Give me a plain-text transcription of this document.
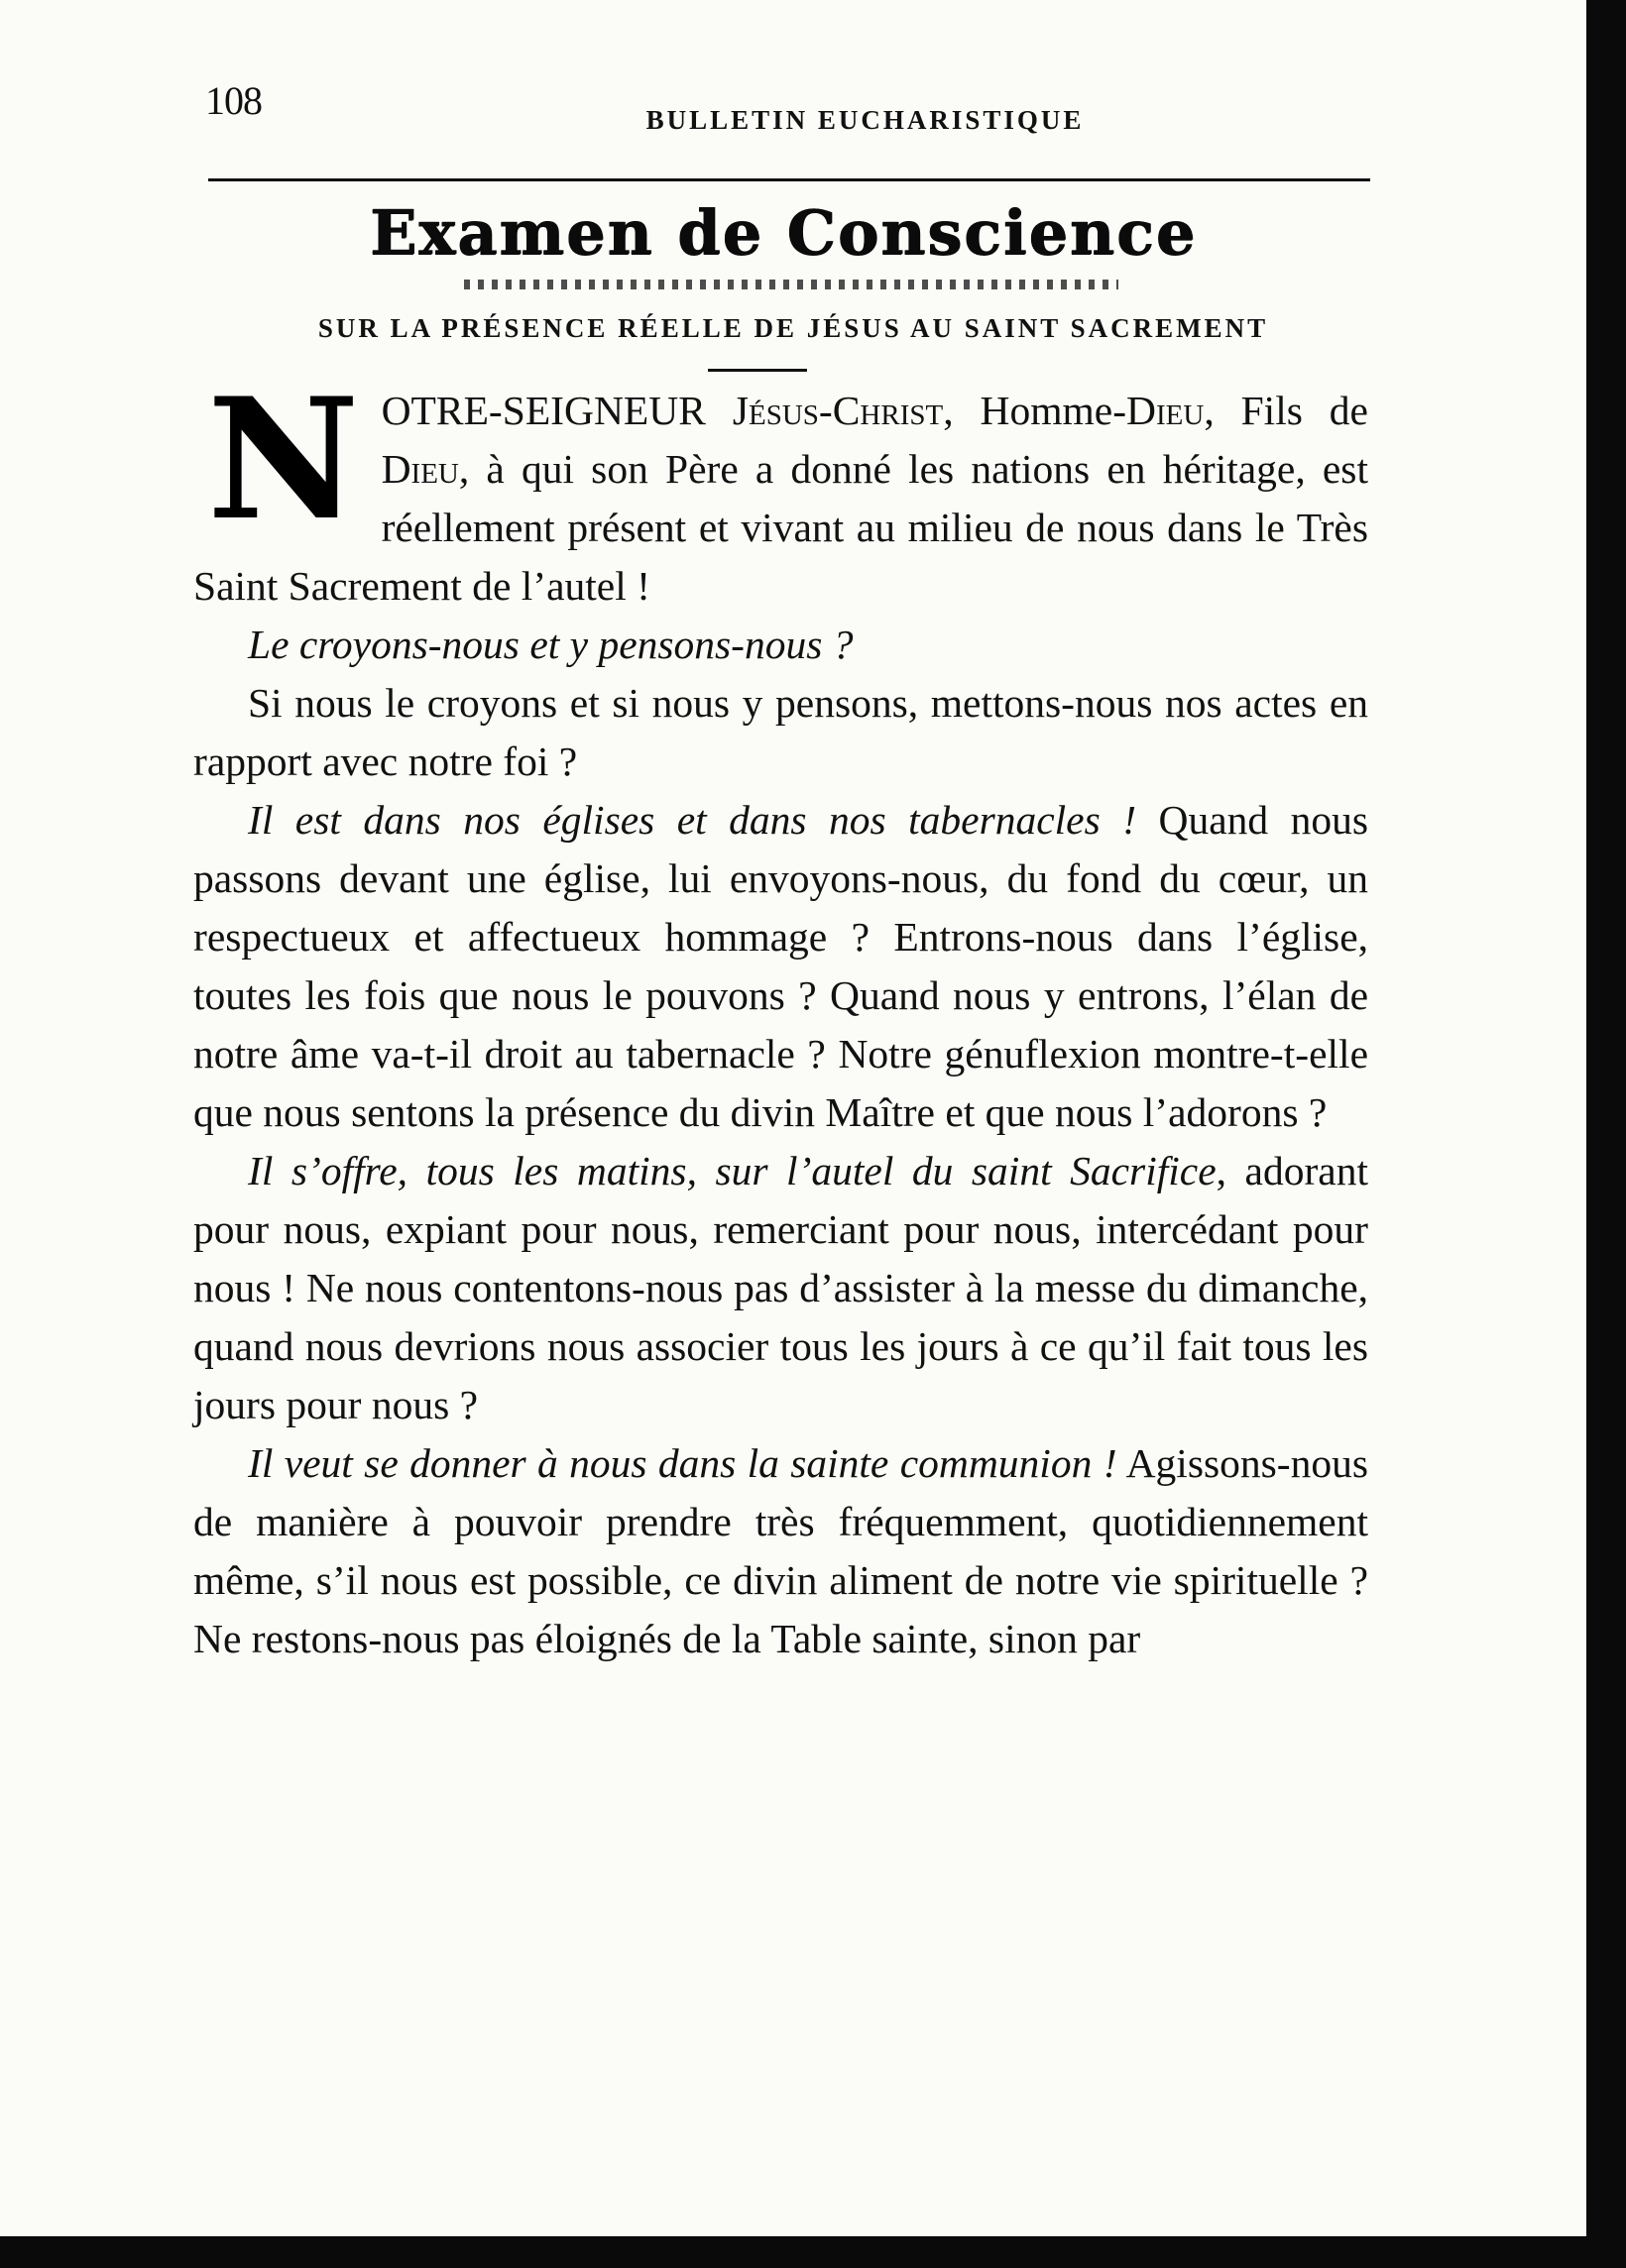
108	BULLETIN EUCHARISTIQUE
Examen de Conscience
SUR LA PRÉSENCE RÉELLE DE JÉSUS AU SAINT SACREMENT

NOTRE-SEIGNEUR Jésus-Christ, Homme-Dieu, Fils de Dieu, à qui son Père a donné les nations en héritage, est réellement présent et vivant au milieu de nous dans le Très Saint Sacrement de l’autel !

Le croyons-nous et y pensons-nous ?

Si nous le croyons et si nous y pensons, mettons-nous nos actes en rapport avec notre foi ?

Il est dans nos églises et dans nos tabernacles ! Quand nous passons devant une église, lui envoyons-nous, du fond du cœur, un respectueux et affectueux hommage ? Entrons-nous dans l’église, toutes les fois que nous le pouvons ? Quand nous y entrons, l’élan de notre âme va-t-il droit au tabernacle ? Notre génuflexion montre-t-elle que nous sentons la présence du divin Maître et que nous l’adorons ?

Il s’offre, tous les matins, sur l’autel du saint Sacrifice, adorant pour nous, expiant pour nous, remerciant pour nous, intercédant pour nous ! Ne nous contentons-nous pas d’assister à la messe du dimanche, quand nous devrions nous associer tous les jours à ce qu’il fait tous les jours pour nous ?

Il veut se donner à nous dans la sainte communion ! Agissons-nous de manière à pouvoir prendre très fréquemment, quotidiennement même, s’il nous est possible, ce divin aliment de notre vie spirituelle ? Ne restons-nous pas éloignés de la Table sainte, sinon par
